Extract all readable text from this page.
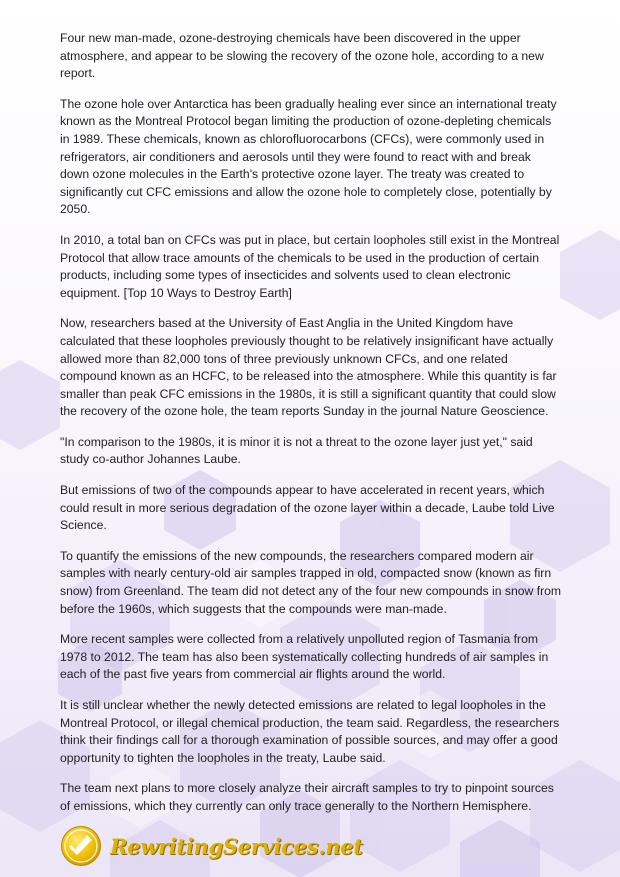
Four new man-made, ozone-destroying chemicals have been discovered in the upper atmosphere, and appear to be slowing the recovery of the ozone hole, according to a new report.

The ozone hole over Antarctica has been gradually healing ever since an international treaty known as the Montreal Protocol began limiting the production of ozone-depleting chemicals in 1989. These chemicals, known as chlorofluorocarbons (CFCs), were commonly used in refrigerators, air conditioners and aerosols until they were found to react with and break down ozone molecules in the Earth's protective ozone layer. The treaty was created to significantly cut CFC emissions and allow the ozone hole to completely close, potentially by 2050.

In 2010, a total ban on CFCs was put in place, but certain loopholes still exist in the Montreal Protocol that allow trace amounts of the chemicals to be used in the production of certain products, including some types of insecticides and solvents used to clean electronic equipment. [Top 10 Ways to Destroy Earth]

Now, researchers based at the University of East Anglia in the United Kingdom have calculated that these loopholes previously thought to be relatively insignificant have actually allowed more than 82,000 tons of three previously unknown CFCs, and one related compound known as an HCFC, to be released into the atmosphere. While this quantity is far smaller than peak CFC emissions in the 1980s, it is still a significant quantity that could slow the recovery of the ozone hole, the team reports Sunday in the journal Nature Geoscience.

"In comparison to the 1980s, it is minor it is not a threat to the ozone layer just yet," said study co-author Johannes Laube.

But emissions of two of the compounds appear to have accelerated in recent years, which could result in more serious degradation of the ozone layer within a decade, Laube told Live Science.

To quantify the emissions of the new compounds, the researchers compared modern air samples with nearly century-old air samples trapped in old, compacted snow (known as firn snow) from Greenland. The team did not detect any of the four new compounds in snow from before the 1960s, which suggests that the compounds were man-made.

More recent samples were collected from a relatively unpolluted region of Tasmania from 1978 to 2012. The team has also been systematically collecting hundreds of air samples in each of the past five years from commercial air flights around the world.

It is still unclear whether the newly detected emissions are related to legal loopholes in the Montreal Protocol, or illegal chemical production, the team said. Regardless, the researchers think their findings call for a thorough examination of possible sources, and may offer a good opportunity to tighten the loopholes in the treaty, Laube said.

The team next plans to more closely analyze their aircraft samples to try to pinpoint sources of emissions, which they currently can only trace generally to the Northern Hemisphere.

RewritingServices.net
